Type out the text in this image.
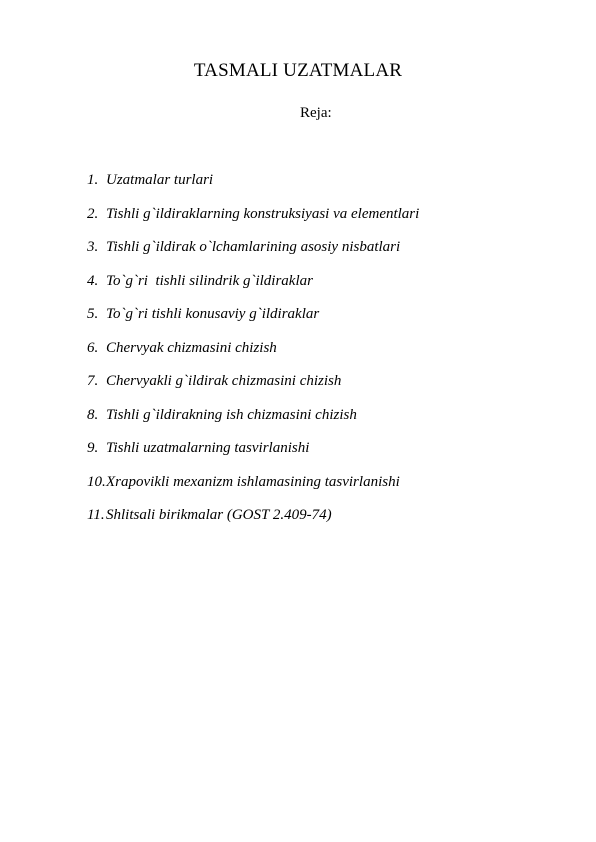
TASMALI UZATMALAR

Reja:

1. Uzatmalar turlari
2. Tishli g`ildiraklarning konstruksiyasi va elementlari
3. Tishli g`ildirak o`lchamlarining asosiy nisbatlari
4. To`g`ri  tishli silindrik g`ildiraklar
5. To`g`ri tishli konusaviy g`ildiraklar
6. Chervyak chizmasini chizish
7. Chervyakli g`ildirak chizmasini chizish
8. Tishli g`ildirakning ish chizmasini chizish
9. Tishli uzatmalarning tasvirlanishi
10. Xrapovikli mexanizm ishlamasining tasvirlanishi
11. Shlitsali birikmalar (GOST 2.409-74)
